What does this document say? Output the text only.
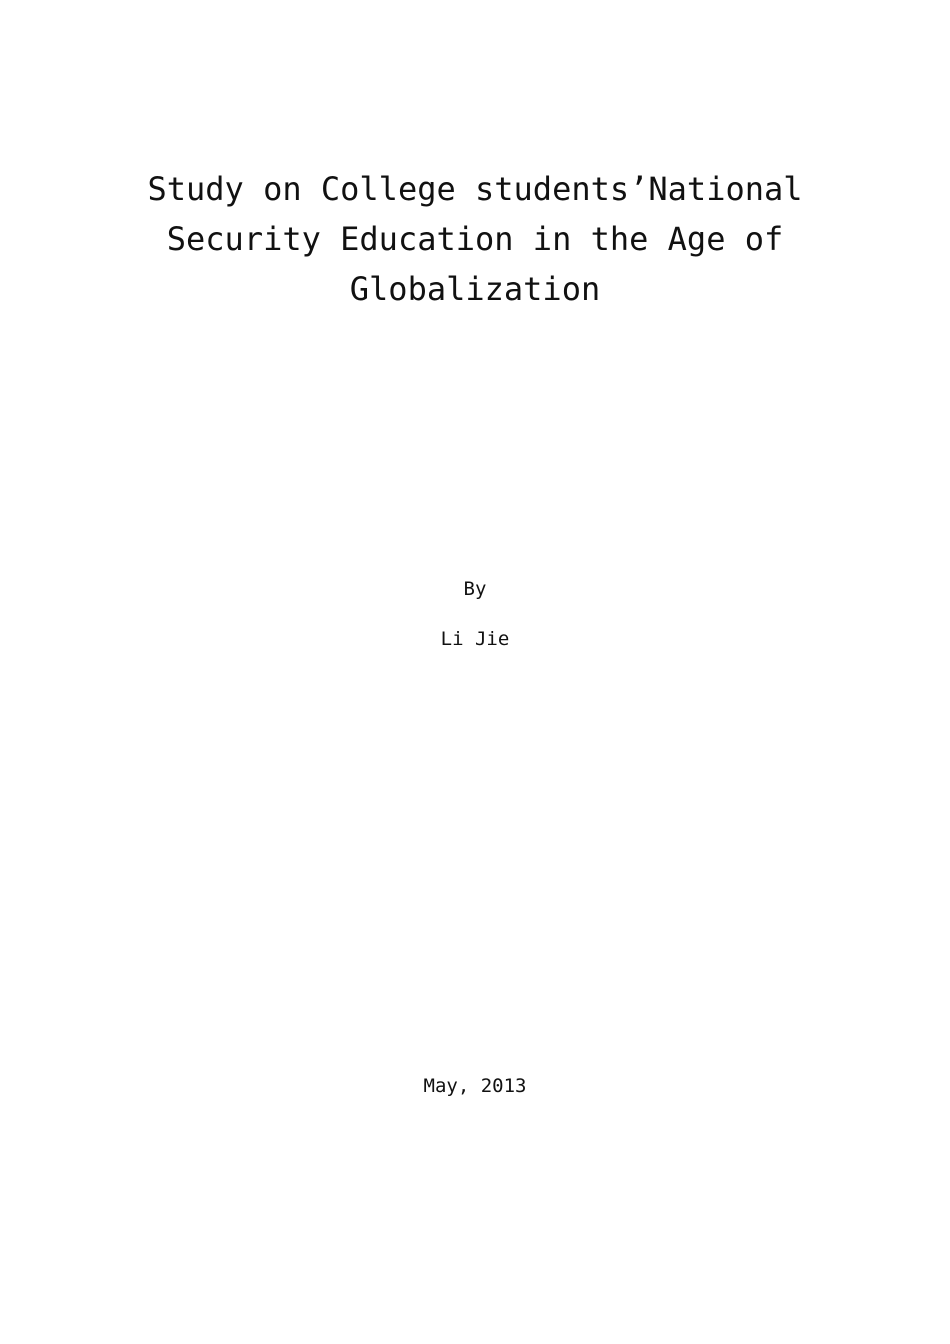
Study on College students’National
Security Education in the Age of
Globalization
By
Li Jie
May, 2013
